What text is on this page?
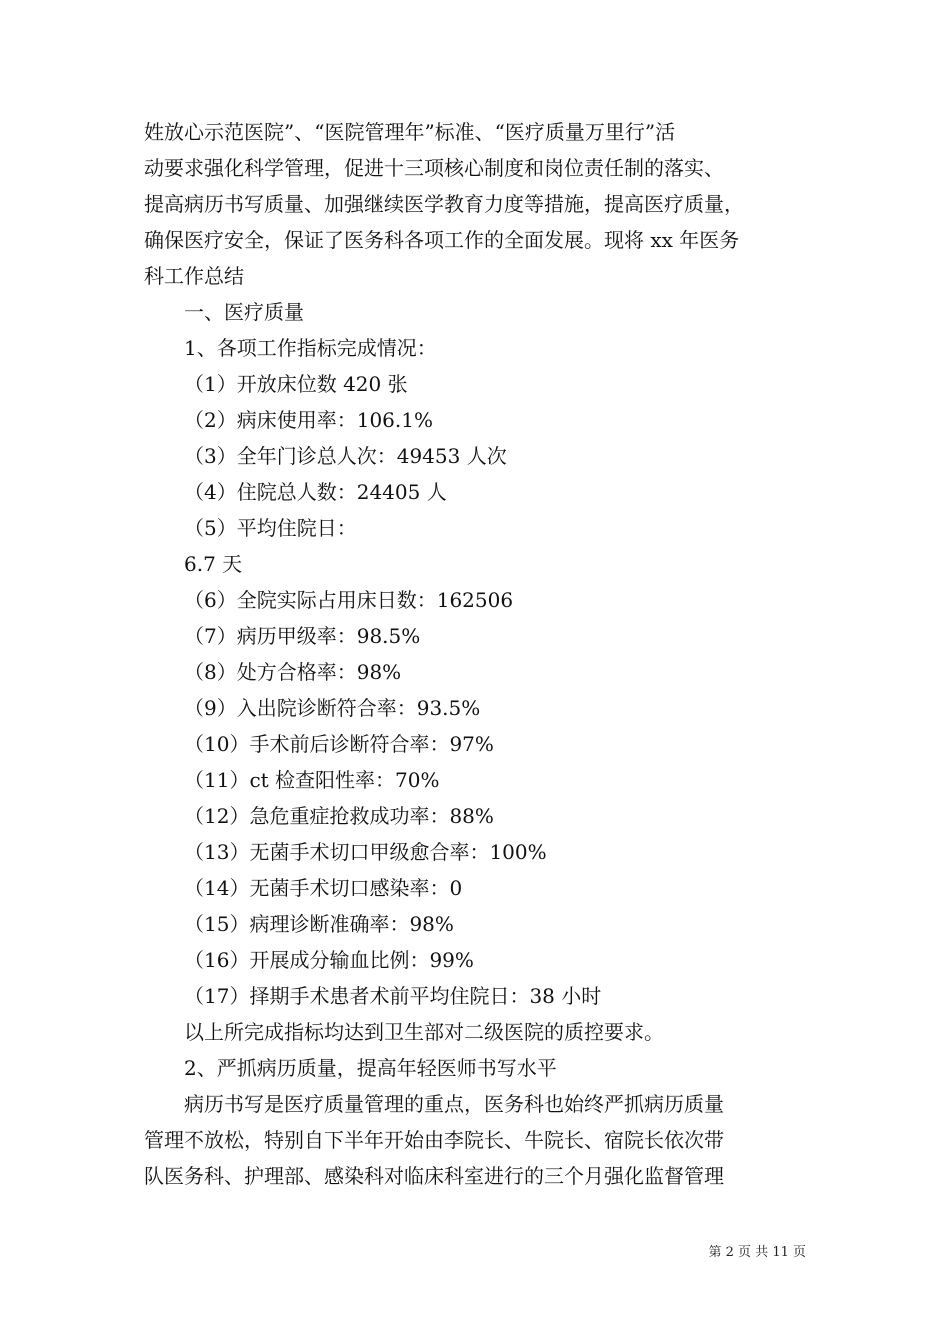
姓放心示范医院”、“医院管理年”标准、“医疗质量万里行”活
动要求强化科学管理，促进十三项核心制度和岗位责任制的落实、
提高病历书写质量、加强继续医学教育力度等措施，提高医疗质量，
确保医疗安全，保证了医务科各项工作的全面发展。现将 xx 年医务
科工作总结
一、医疗质量
1、各项工作指标完成情况：
（1）开放床位数 420 张
（2）病床使用率：106.1%
（3）全年门诊总人次：49453 人次
（4）住院总人数：24405 人
（5）平均住院日：
6.7 天
（6）全院实际占用床日数：162506
（7）病历甲级率：98.5%
（8）处方合格率：98%
（9）入出院诊断符合率：93.5%
（10）手术前后诊断符合率：97%
（11）ct 检查阳性率：70%
（12）急危重症抢救成功率：88%
（13）无菌手术切口甲级愈合率：100%
（14）无菌手术切口感染率：0
（15）病理诊断准确率：98%
（16）开展成分输血比例：99%
（17）择期手术患者术前平均住院日：38 小时
以上所完成指标均达到卫生部对二级医院的质控要求。
2、严抓病历质量，提高年轻医师书写水平
病历书写是医疗质量管理的重点，医务科也始终严抓病历质量
管理不放松，特别自下半年开始由李院长、牛院长、宿院长依次带
队医务科、护理部、感染科对临床科室进行的三个月强化监督管理
第 2 页 共 11 页
